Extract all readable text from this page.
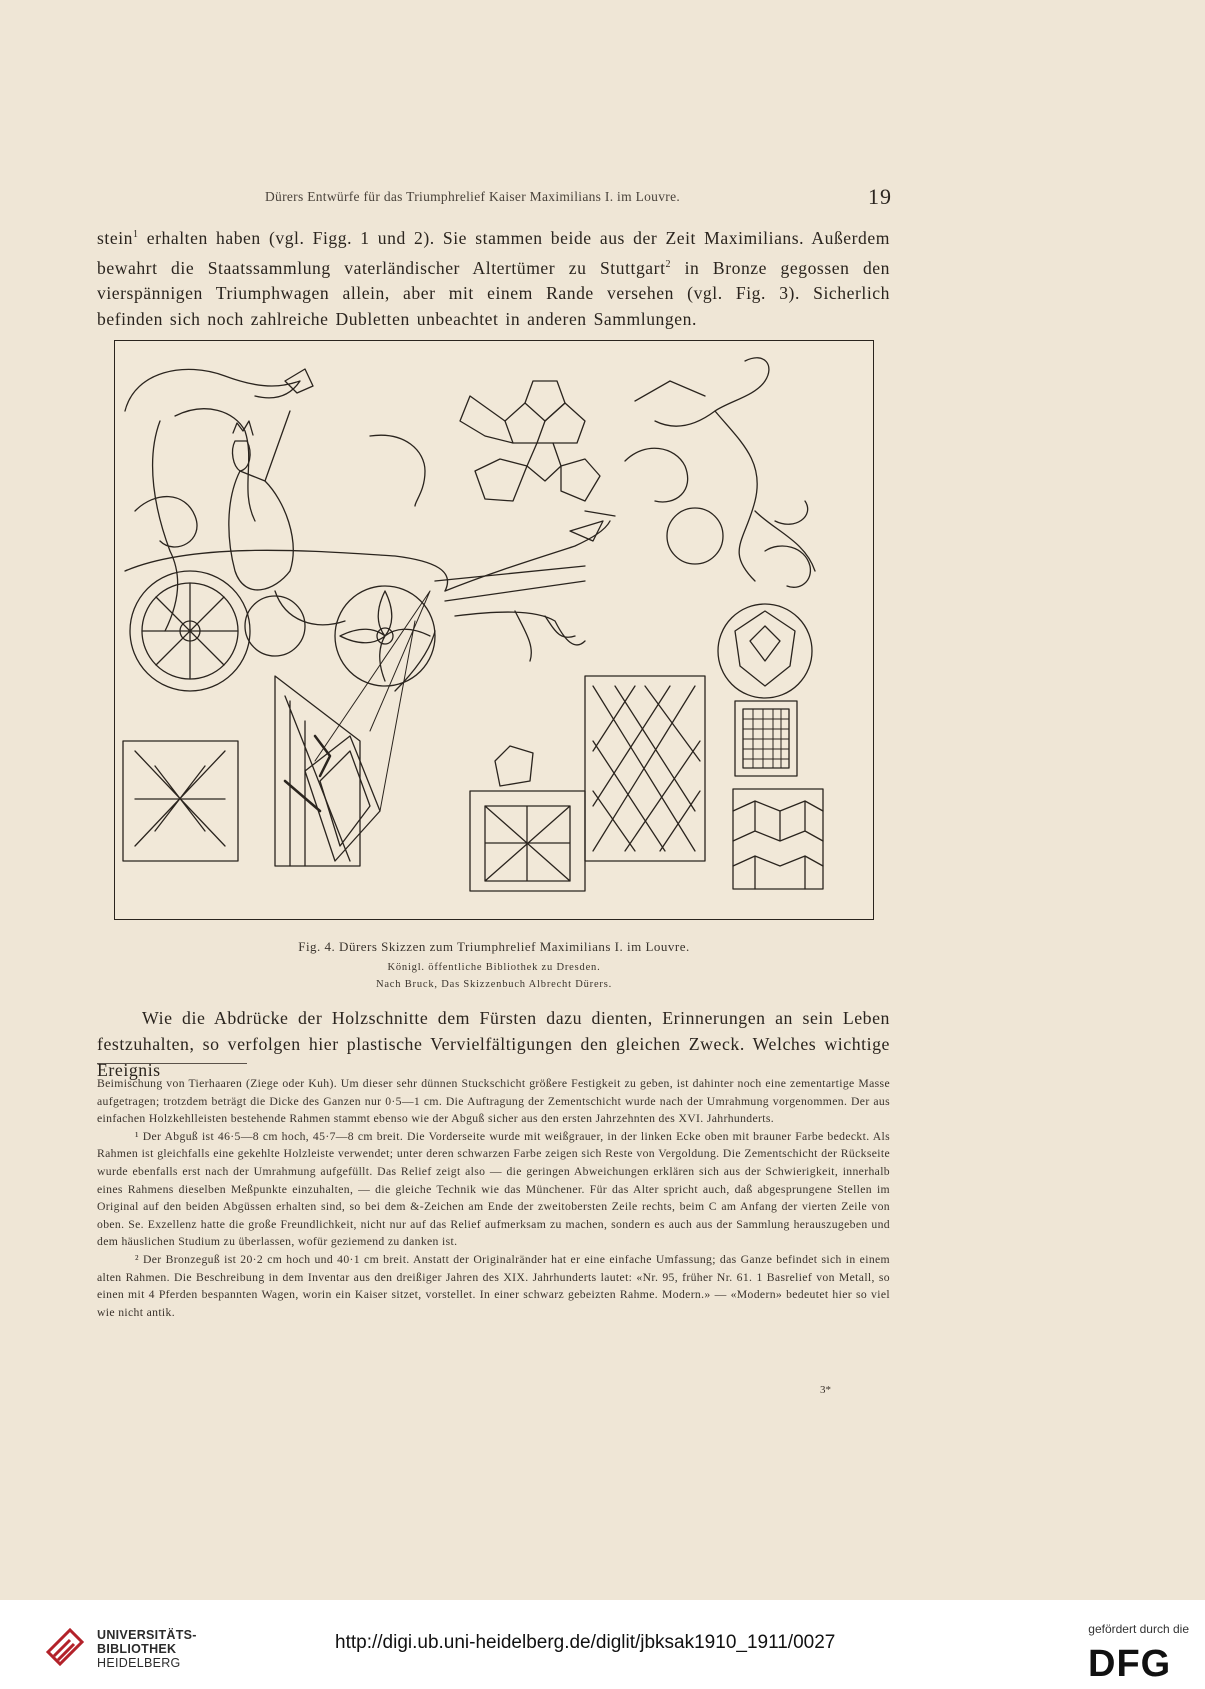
Dürers Entwürfe für das Triumphrelief Kaiser Maximilians I. im Louvre.	19
stein$^1$ erhalten haben (vgl. Figg. 1 und 2). Sie stammen beide aus der Zeit Maximilians. Außerdem bewahrt die Staatssammlung vaterländischer Altertümer zu Stuttgart$^2$ in Bronze gegossen den vierspännigen Triumphwagen allein, aber mit einem Rande versehen (vgl. Fig. 3). Sicherlich befinden sich noch zahlreiche Dubletten unbeachtet in anderen Sammlungen.
Fig. 4. Dürers Skizzen zum Triumphrelief Maximilians I. im Louvre.
Königl. öffentliche Bibliothek zu Dresden.
Nach Bruck, Das Skizzenbuch Albrecht Dürers.
Wie die Abdrücke der Holzschnitte dem Fürsten dazu dienten, Erinnerungen an sein Leben festzuhalten, so verfolgen hier plastische Vervielfältigungen den gleichen Zweck. Welches wichtige Ereignis

Beimischung von Tierhaaren (Ziege oder Kuh). Um dieser sehr dünnen Stuckschicht größere Festigkeit zu geben, ist dahinter noch eine zementartige Masse aufgetragen; trotzdem beträgt die Dicke des Ganzen nur 0·5—1 cm. Die Auftragung der Zementschicht wurde nach der Umrahmung vorgenommen. Der aus einfachen Holzkehlleisten bestehende Rahmen stammt ebenso wie der Abguß sicher aus den ersten Jahrzehnten des XVI. Jahrhunderts.

¹ Der Abguß ist 46·5—8 cm hoch, 45·7—8 cm breit. Die Vorderseite wurde mit weißgrauer, in der linken Ecke oben mit brauner Farbe bedeckt. Als Rahmen ist gleichfalls eine gekehlte Holzleiste verwendet; unter deren schwarzen Farbe zeigen sich Reste von Vergoldung. Die Zementschicht der Rückseite wurde ebenfalls erst nach der Umrahmung aufgefüllt. Das Relief zeigt also — die geringen Abweichungen erklären sich aus der Schwierigkeit, innerhalb eines Rahmens dieselben Meßpunkte einzuhalten, — die gleiche Technik wie das Münchener. Für das Alter spricht auch, daß abgesprungene Stellen im Original auf den beiden Abgüssen erhalten sind, so bei dem &-Zeichen am Ende der zweitobersten Zeile rechts, beim C am Anfang der vierten Zeile von oben. Se. Exzellenz hatte die große Freundlichkeit, nicht nur auf das Relief aufmerksam zu machen, sondern es auch aus der Sammlung herauszugeben und dem häuslichen Studium zu überlassen, wofür geziemend zu danken ist.

² Der Bronzeguß ist 20·2 cm hoch und 40·1 cm breit. Anstatt der Originalränder hat er eine einfache Umfassung; das Ganze befindet sich in einem alten Rahmen. Die Beschreibung in dem Inventar aus den dreißiger Jahren des XIX. Jahrhunderts lautet: «Nr. 95, früher Nr. 61. 1 Basrelief von Metall, so einen mit 4 Pferden bespannten Wagen, worin ein Kaiser sitzet, vorstellet. In einer schwarz gebeizten Rahme. Modern.» — «Modern» bedeutet hier so viel wie nicht antik.

3*
UNIVERSITÄTS-
BIBLIOTHEK
HEIDELBERG
http://digi.ub.uni-heidelberg.de/diglit/jbksak1910_1911/0027
gefördert durch die
DFG
